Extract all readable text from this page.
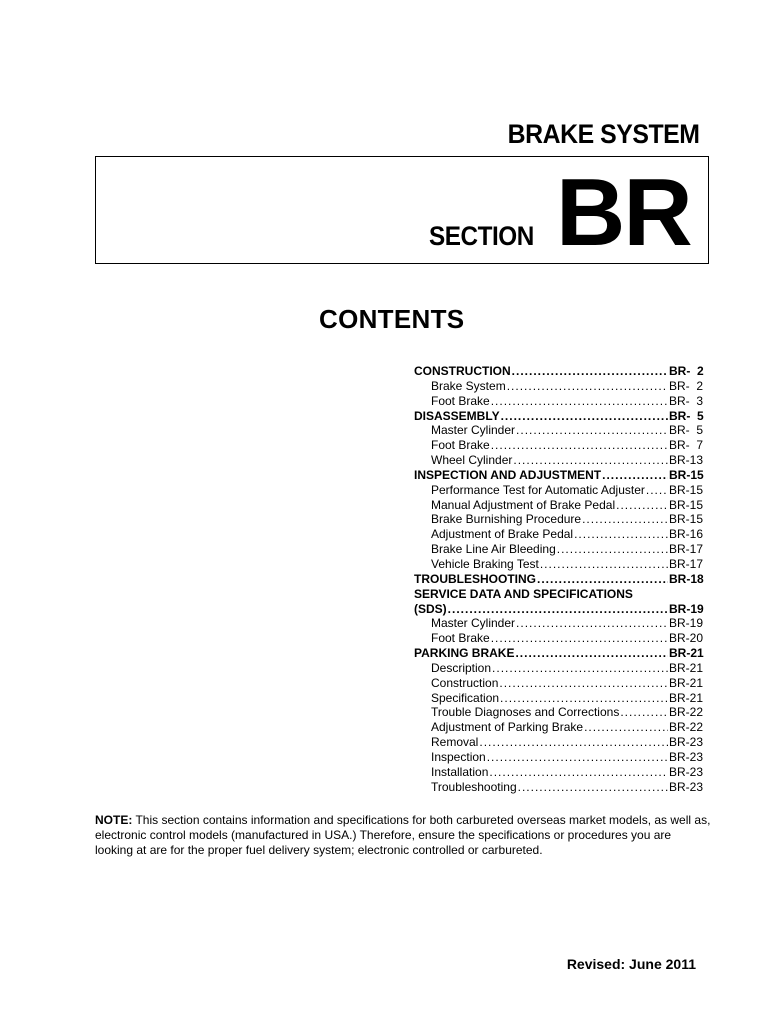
BRAKE SYSTEM
SECTION BR
CONTENTS
CONSTRUCTION .....	BR-  2
Brake System .....	BR-  2
Foot Brake .....	BR-  3
DISASSEMBLY .....	BR-  5
Master Cylinder .....	BR-  5
Foot Brake .....	BR-  7
Wheel Cylinder .....	BR-13
INSPECTION AND ADJUSTMENT .....	BR-15
Performance Test for Automatic Adjuster ..... BR-15
Manual Adjustment of Brake Pedal .....	BR-15
Brake Burnishing Procedure .....	BR-15
Adjustment of Brake Pedal .....	BR-16
Brake Line Air Bleeding .....	BR-17
Vehicle Braking Test .....	BR-17
TROUBLESHOOTING .....	BR-18
SERVICE DATA AND SPECIFICATIONS
(SDS) .....	BR-19
Master Cylinder .....	BR-19
Foot Brake .....	BR-20
PARKING BRAKE .....	BR-21
Description .....	BR-21
Construction .....	BR-21
Specification .....	BR-21
Trouble Diagnoses and Corrections .....	BR-22
Adjustment of Parking Brake .....	BR-22
Removal .....	BR-23
Inspection .....	BR-23
Installation .....	BR-23
Troubleshooting .....	BR-23
NOTE: This section contains information and specifications for both carbureted overseas market models, as well as, electronic control models (manufactured in USA.) Therefore, ensure the specifications or procedures you are looking at are for the proper fuel delivery system; electronic controlled or carbureted.
Revised: June 2011
